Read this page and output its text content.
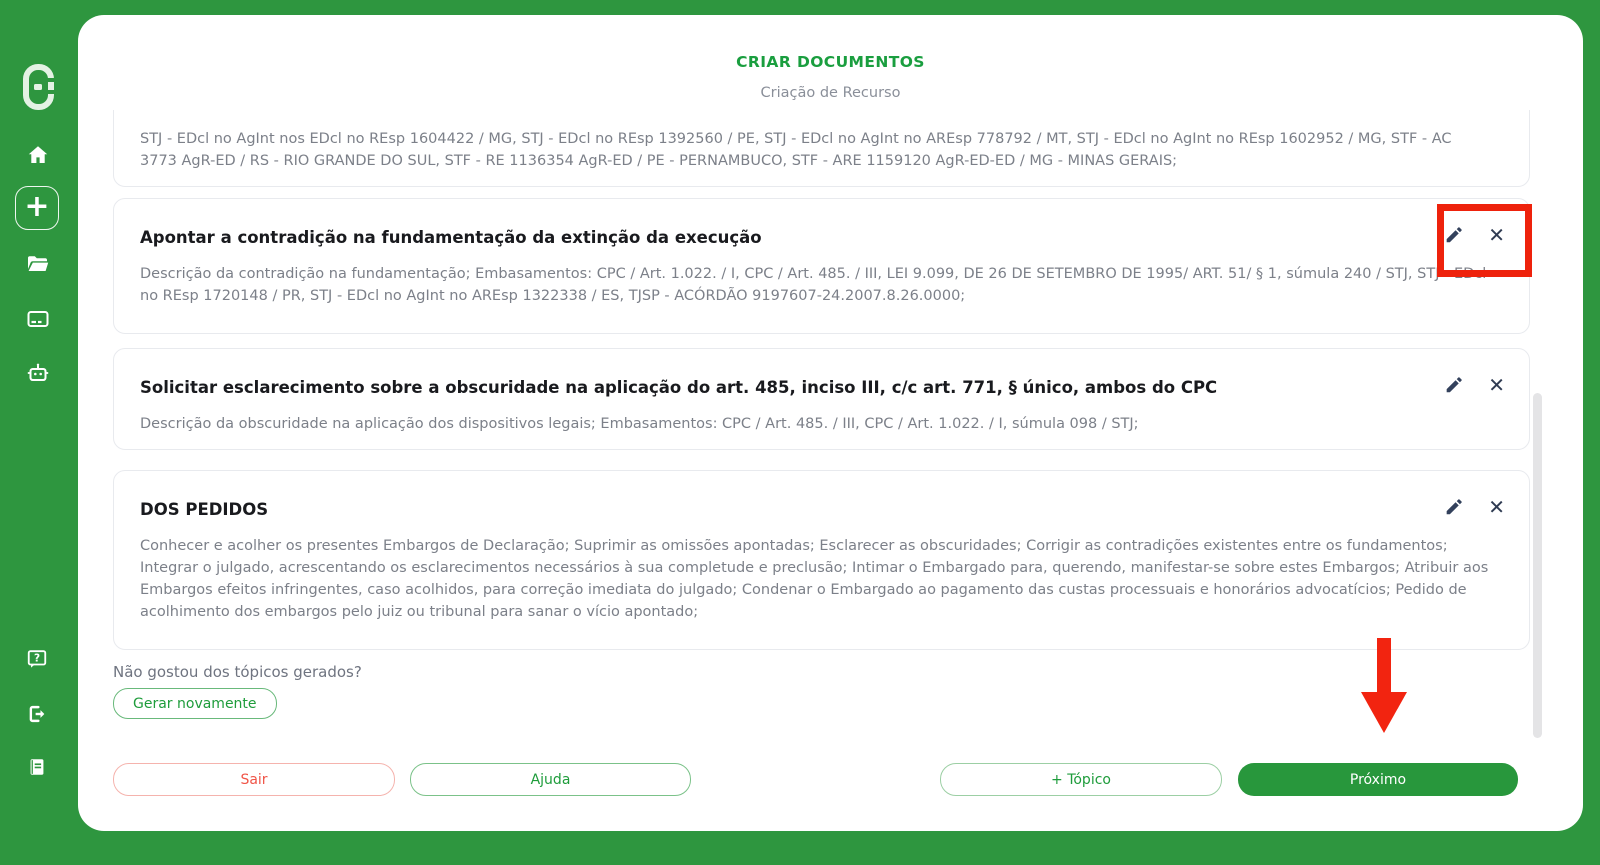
+
?
CRIAR DOCUMENTOS
Criação de Recurso

STJ - EDcl no AgInt nos EDcl no REsp 1604422 / MG, STJ - EDcl no REsp 1392560 / PE, STJ - EDcl no AgInt no AREsp 778792 / MT, STJ - EDcl no AgInt no REsp 1602952 / MG, STF - AC 3773 AgR-ED / RS - RIO GRANDE DO SUL, STF - RE 1136354 AgR-ED / PE - PERNAMBUCO, STF - ARE 1159120 AgR-ED-ED / MG - MINAS GERAIS;

✕
Apontar a contradição na fundamentação da extinção da execução

Descrição da contradição na fundamentação; Embasamentos: CPC / Art. 1.022. / I, CPC / Art. 485. / III, LEI 9.099, DE 26 DE SETEMBRO DE 1995/ ART. 51/ § 1, súmula 240 / STJ, STJ - EDcl no REsp 1720148 / PR, STJ - EDcl no AgInt no AREsp 1322338 / ES, TJSP - ACÓRDÃO 9197607-24.2007.8.26.0000;

✕
Solicitar esclarecimento sobre a obscuridade na aplicação do art. 485, inciso III, c/c art. 771, § único, ambos do CPC

Descrição da obscuridade na aplicação dos dispositivos legais; Embasamentos: CPC / Art. 485. / III, CPC / Art. 1.022. / I, súmula 098 / STJ;

✕
DOS PEDIDOS

Conhecer e acolher os presentes Embargos de Declaração; Suprimir as omissões apontadas; Esclarecer as obscuridades; Corrigir as contradições existentes entre os fundamentos; Integrar o julgado, acrescentando os esclarecimentos necessários à sua completude e preclusão; Intimar o Embargado para, querendo, manifestar-se sobre estes Embargos; Atribuir aos Embargos efeitos infringentes, caso acolhidos, para correção imediata do julgado; Condenar o Embargado ao pagamento das custas processuais e honorários advocatícios; Pedido de acolhimento dos embargos pelo juiz ou tribunal para sanar o vício apontado;

Não gostou dos tópicos gerados?
Gerar novamente
Sair	Ajuda	+ Tópico	Próximo
